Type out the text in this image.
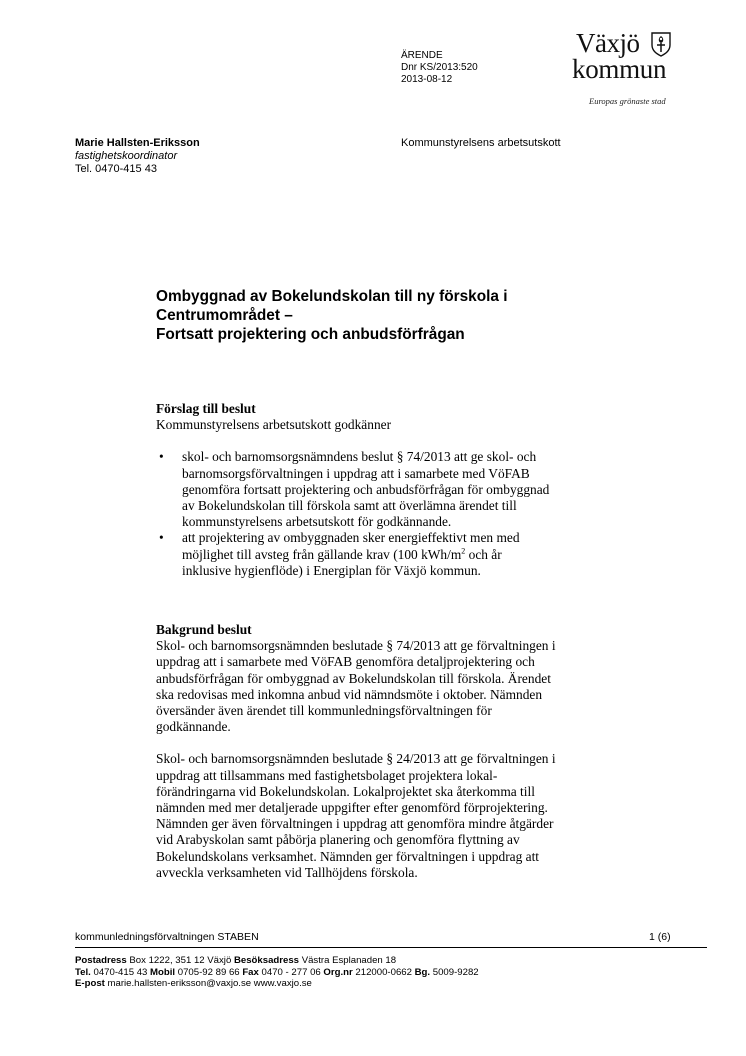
ÄRENDE
Dnr KS/2013:520
2013-08-12
Växjö
kommun
Europas grönaste stad
Marie Hallsten-Eriksson
fastighetskoordinator
Tel. 0470-415 43
Kommunstyrelsens arbetsutskott
Ombyggnad av Bokelundskolan till ny förskola i
Centrumområdet –
Fortsatt projektering och anbudsförfrågan
Förslag till beslut
Kommunstyrelsens arbetsutskott godkänner
• skol- och barnomsorgsnämndens beslut § 74/2013 att ge skol- och
barnomsorgsförvaltningen i uppdrag att i samarbete med VöFAB
genomföra fortsatt projektering och anbudsförfrågan för ombyggnad
av Bokelundskolan till förskola samt att överlämna ärendet till
kommunstyrelsens arbetsutskott för godkännande.
• att projektering av ombyggnaden sker energieffektivt men med
möjlighet till avsteg från gällande krav (100 kWh/$m^2$ och år
inklusive hygienflöde) i Energiplan för Växjö kommun.
Bakgrund beslut
Skol- och barnomsorgsnämnden beslutade § 74/2013 att ge förvaltningen i
uppdrag att i samarbete med VöFAB genomföra detaljprojektering och
anbudsförfrågan för ombyggnad av Bokelundskolan till förskola. Ärendet
ska redovisas med inkomna anbud vid nämndsmöte i oktober. Nämnden
översänder även ärendet till kommunledningsförvaltningen för
godkännande.
Skol- och barnomsorgsnämnden beslutade § 24/2013 att ge förvaltningen i
uppdrag att tillsammans med fastighetsbolaget projektera lokal-
förändringarna vid Bokelundskolan. Lokalprojektet ska återkomma till
nämnden med mer detaljerade uppgifter efter genomförd förprojektering.
Nämnden ger även förvaltningen i uppdrag att genomföra mindre åtgärder
vid Arabyskolan samt påbörja planering och genomföra flyttning av
Bokelundskolans verksamhet. Nämnden ger förvaltningen i uppdrag att
avveckla verksamheten vid Tallhöjdens förskola.
kommunledningsförvaltningen STABEN	1 (6)
Postadress Box 1222, 351 12 Växjö Besöksadress Västra Esplanaden 18
Tel. 0470-415 43 Mobil 0705-92 89 66 Fax 0470 - 277 06 Org.nr 212000-0662 Bg. 5009-9282
E-post marie.hallsten-eriksson@vaxjo.se www.vaxjo.se
